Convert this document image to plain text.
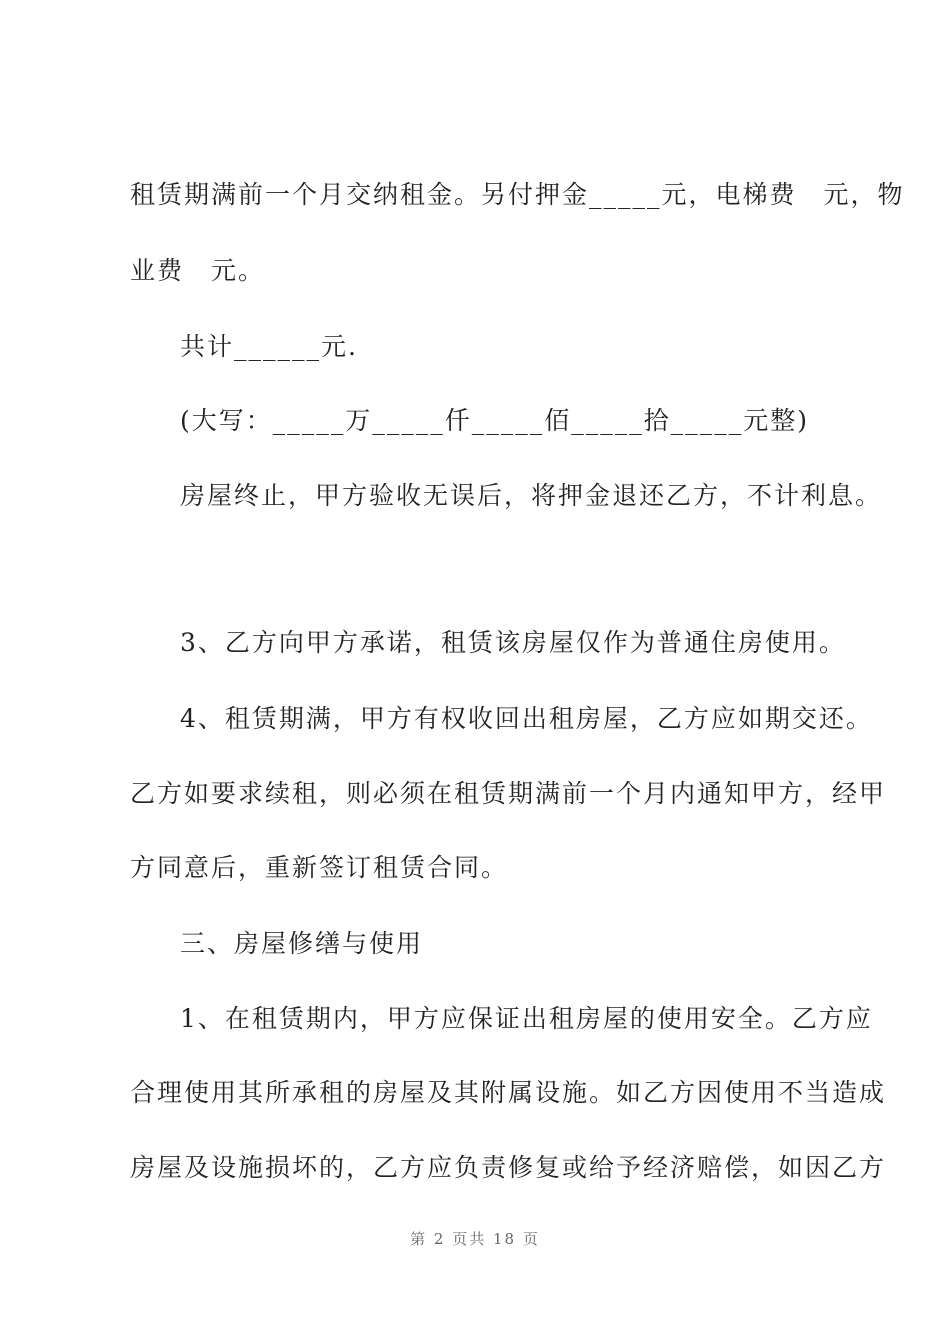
租赁期满前一个月交纳租金。另付押金_____元，电梯费　元，物
业费　元。
共计______元.
(大写：_____万_____仟_____佰_____拾_____元整)
房屋终止，甲方验收无误后，将押金退还乙方，不计利息。
3、乙方向甲方承诺，租赁该房屋仅作为普通住房使用。
4、租赁期满，甲方有权收回出租房屋，乙方应如期交还。
乙方如要求续租，则必须在租赁期满前一个月内通知甲方，经甲
方同意后，重新签订租赁合同。
三、房屋修缮与使用
1、在租赁期内，甲方应保证出租房屋的使用安全。乙方应
合理使用其所承租的房屋及其附属设施。如乙方因使用不当造成
房屋及设施损坏的，乙方应负责修复或给予经济赔偿，如因乙方
第 2 页共 18 页
